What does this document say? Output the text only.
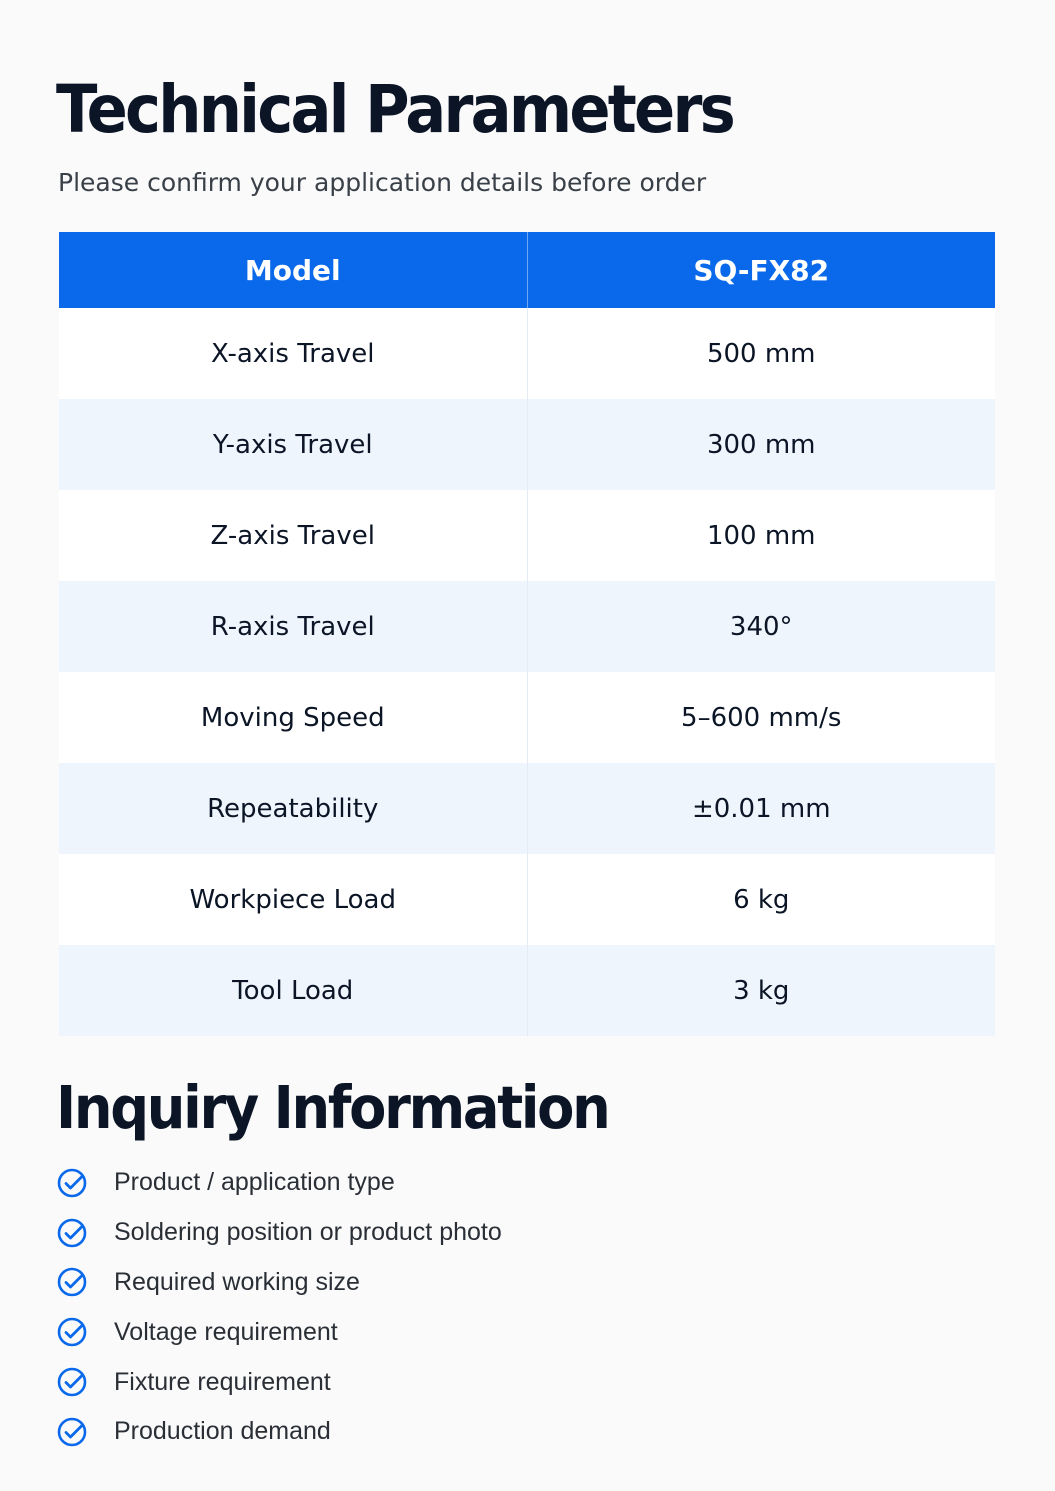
Technical Parameters
Please confirm your application details before order
Model	SQ-FX82
X-axis Travel	500 mm
Y-axis Travel	300 mm
Z-axis Travel	100 mm
R-axis Travel	340°
Moving Speed	5–600 mm/s
Repeatability	±0.01 mm
Workpiece Load	6 kg
Tool Load	3 kg
Inquiry Information
Product / application type
Soldering position or product photo
Required working size
Voltage requirement
Fixture requirement
Production demand
